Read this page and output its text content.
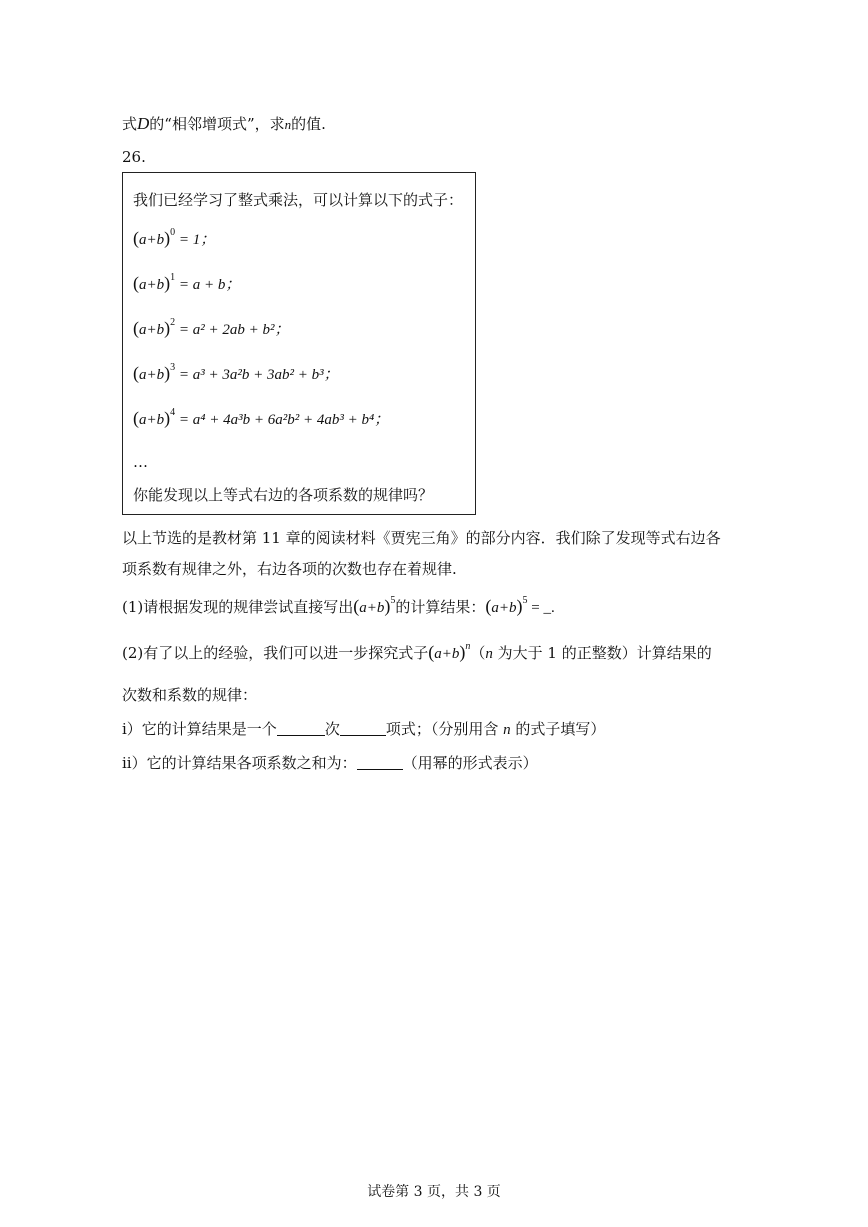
式D的“相邻增项式”，求n的值.
26.
我们已经学习了整式乘法，可以计算以下的式子：
$(a+b)^0 = 1$；
$(a+b)^1 = a + b$；
$(a+b)^2 = a^2 + 2ab + b^2$；
$(a+b)^3 = a^3 + 3a^2b + 3ab^2 + b^3$；
$(a+b)^4 = a^4 + 4a^3b + 6a^2b^2 + 4ab^3 + b^4$；
…
你能发现以上等式右边的各项系数的规律吗？
以上节选的是教材第 11 章的阅读材料《贾宪三角》的部分内容．我们除了发现等式右边各
项系数有规律之外，右边各项的次数也存在着规律.
(1)请根据发现的规律尝试直接写出$(a+b)^5$的计算结果：$(a+b)^5$ = _.
(2)有了以上的经验，我们可以进一步探究式子$(a+b)^n(n$ 为大于 1 的正整数）计算结果的
次数和系数的规律：
i）它的计算结果是一个	次	项式；（分别用含 n 的式子填写）
ii）它的计算结果各项系数之和为：	（用幂的形式表示）
试卷第 3 页，共 3 页
